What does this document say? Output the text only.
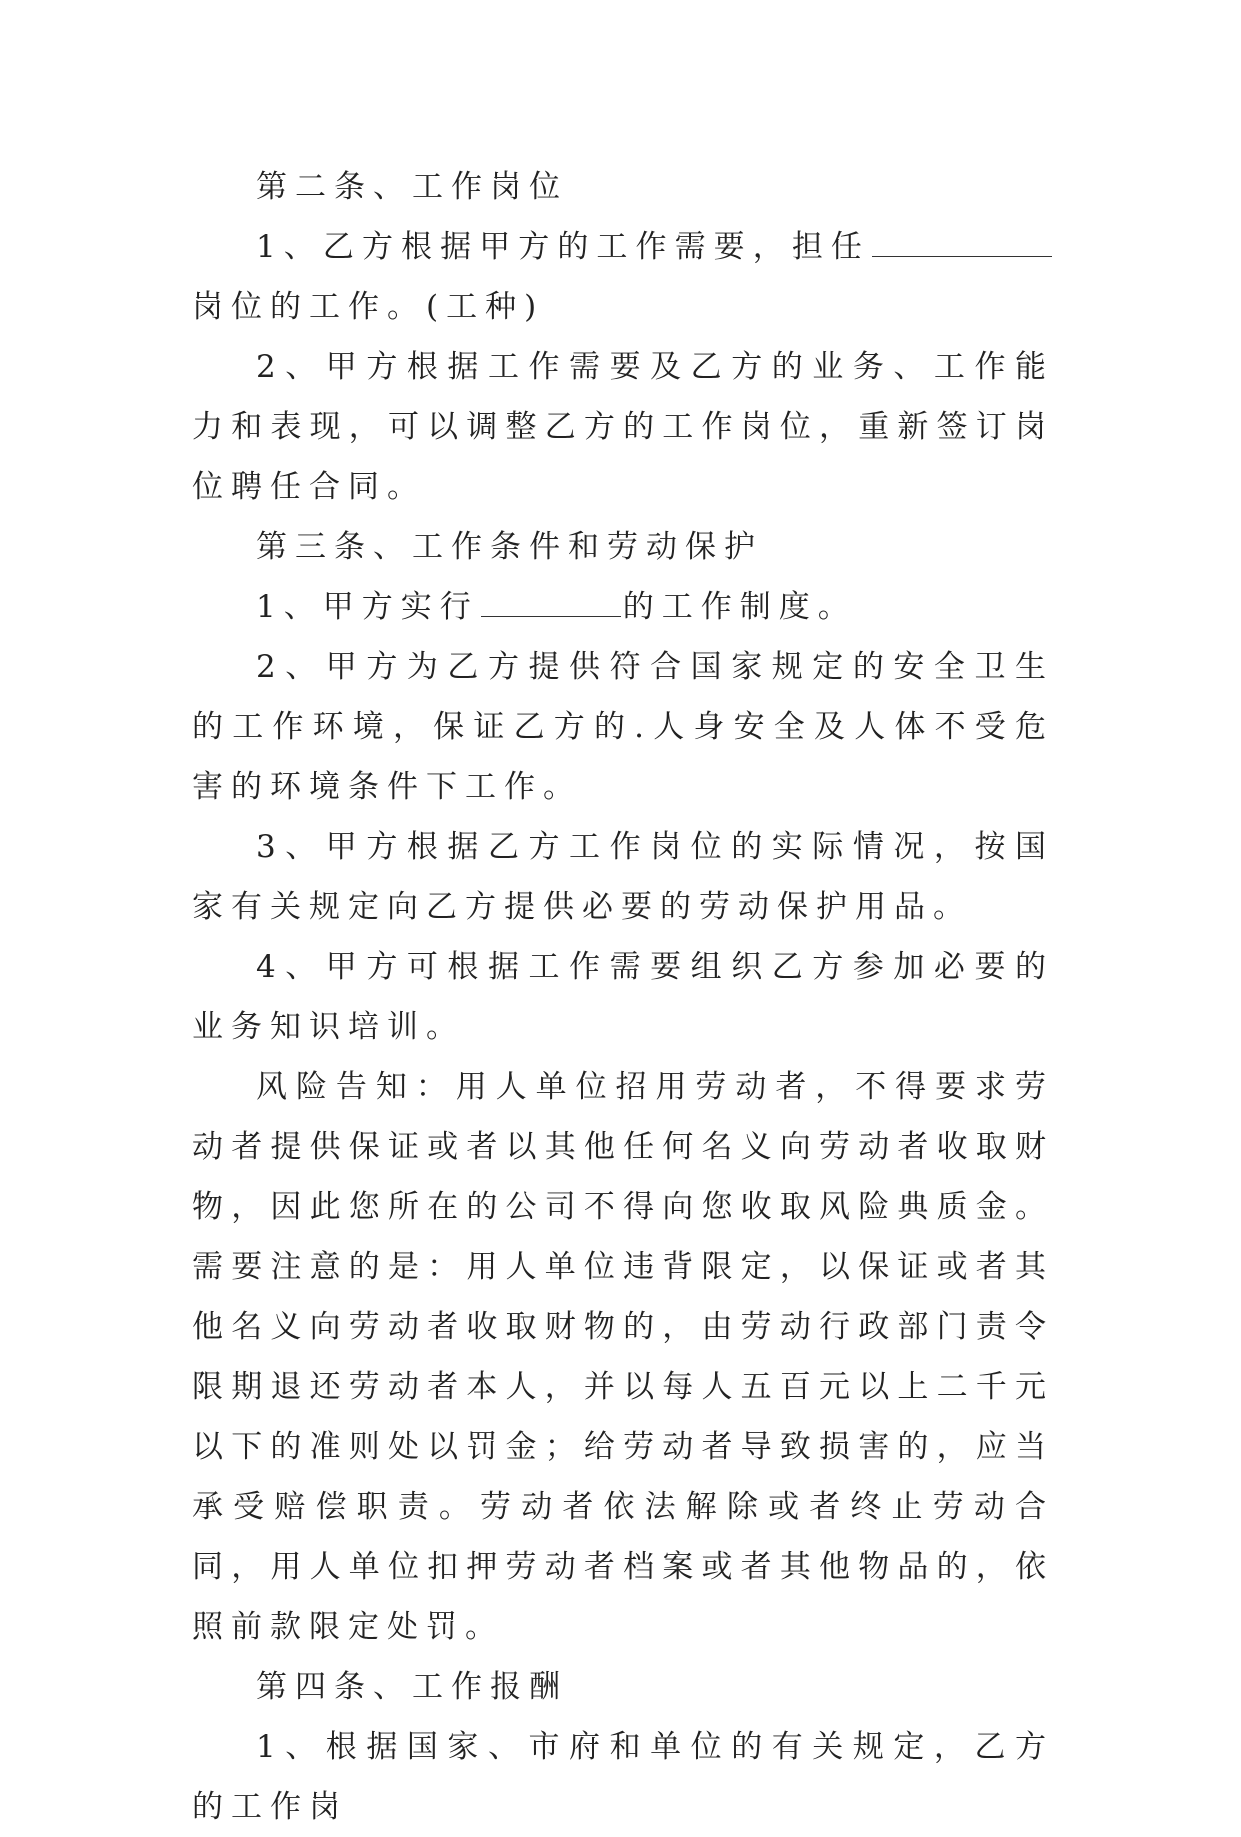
第二条、工作岗位

1、乙方根据甲方的工作需要，担任岗位的工作。(工种)

2、甲方根据工作需要及乙方的业务、工作能力和表现，可以调整乙方的工作岗位，重新签订岗位聘任合同。

第三条、工作条件和劳动保护

1、甲方实行	的工作制度。

2、甲方为乙方提供符合国家规定的安全卫生的工作环境，保证乙方的.人身安全及人体不受危害的环境条件下工作。

3、甲方根据乙方工作岗位的实际情况，按国家有关规定向乙方提供必要的劳动保护用品。

4、甲方可根据工作需要组织乙方参加必要的业务知识培训。

风险告知：用人单位招用劳动者，不得要求劳动者提供保证或者以其他任何名义向劳动者收取财物，因此您所在的公司不得向您收取风险典质金。需要注意的是：用人单位违背限定，以保证或者其他名义向劳动者收取财物的，由劳动行政部门责令限期退还劳动者本人，并以每人五百元以上二千元以下的准则处以罚金；给劳动者导致损害的，应当承受赔偿职责。劳动者依法解除或者终止劳动合同，用人单位扣押劳动者档案或者其他物品的，依照前款限定处罚。

第四条、工作报酬

1、根据国家、市府和单位的有关规定，乙方的工作岗
